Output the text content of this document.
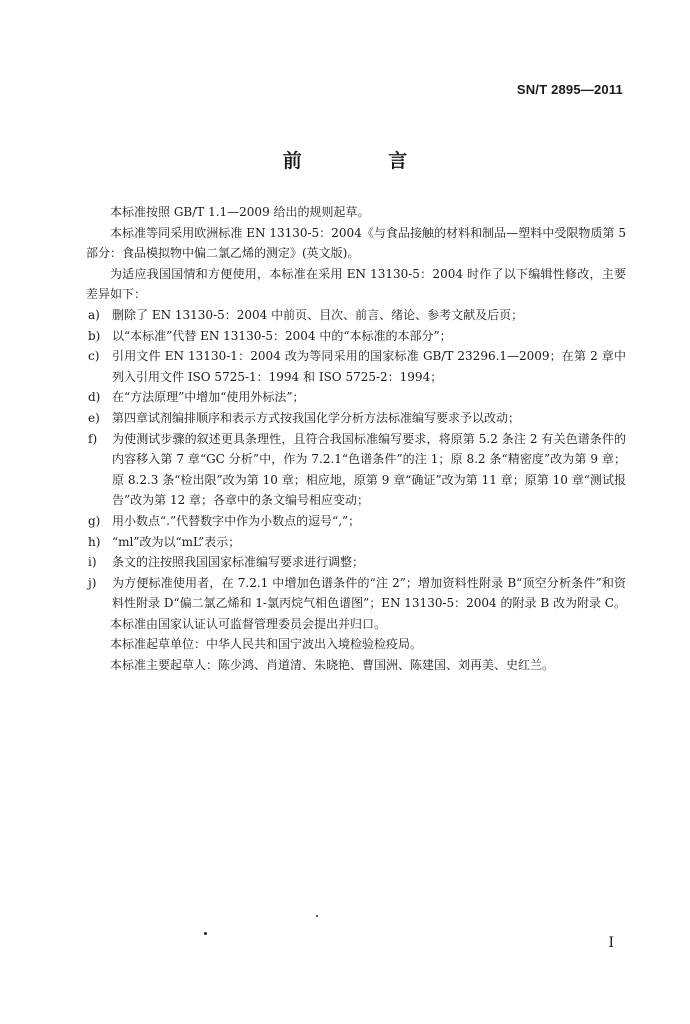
SN/T 2895—2011
前 言

本标准按照 GB/T 1.1—2009 给出的规则起草。

本标准等同采用欧洲标准 EN 13130-5：2004《与食品接触的材料和制品—塑料中受限物质第 5 部分：食品模拟物中偏二氯乙烯的测定》(英文版)。

为适应我国国情和方便使用，本标准在采用 EN 13130-5：2004 时作了以下编辑性修改，主要差异如下：

a)	删除了 EN 13130-5：2004 中前页、目次、前言、绪论、参考文献及后页；
b) 以“本标准”代替 EN 13130-5：2004 中的“本标准的本部分”；
c)	引用文件 EN 13130-1：2004 改为等同采用的国家标准 GB/T 23296.1—2009；在第 2 章中列入引用文件 ISO 5725-1：1994 和 ISO 5725-2：1994；
d) 在“方法原理”中增加“使用外标法”；
e)	第四章试剂编排顺序和表示方式按我国化学分析方法标准编写要求予以改动；
f)	为使测试步骤的叙述更具条理性，且符合我国标准编写要求，将原第 5.2 条注 2 有关色谱条件的内容移入第 7 章“GC 分析”中，作为 7.2.1“色谱条件”的注 1；原 8.2 条“精密度”改为第 9 章；原 8.2.3 条“检出限”改为第 10 章；相应地，原第 9 章“确证”改为第 11 章；原第 10 章“测试报告”改为第 12 章；各章中的条文编号相应变动；
g) 用小数点“.”代替数字中作为小数点的逗号“,”；
h) “ml”改为以“mL”表示；
i)	条文的注按照我国国家标准编写要求进行调整；
j)	为方便标准使用者，在 7.2.1 中增加色谱条件的“注 2”；增加资料性附录 B“顶空分析条件”和资料性附录 D“偏二氯乙烯和 1-氯丙烷气相色谱图”；EN 13130-5：2004 的附录 B 改为附录 C。

本标准由国家认证认可监督管理委员会提出并归口。

本标准起草单位：中华人民共和国宁波出入境检验检疫局。

本标准主要起草人：陈少鸿、肖道清、朱晓艳、曹国洲、陈建国、刘再美、史红兰。

I
